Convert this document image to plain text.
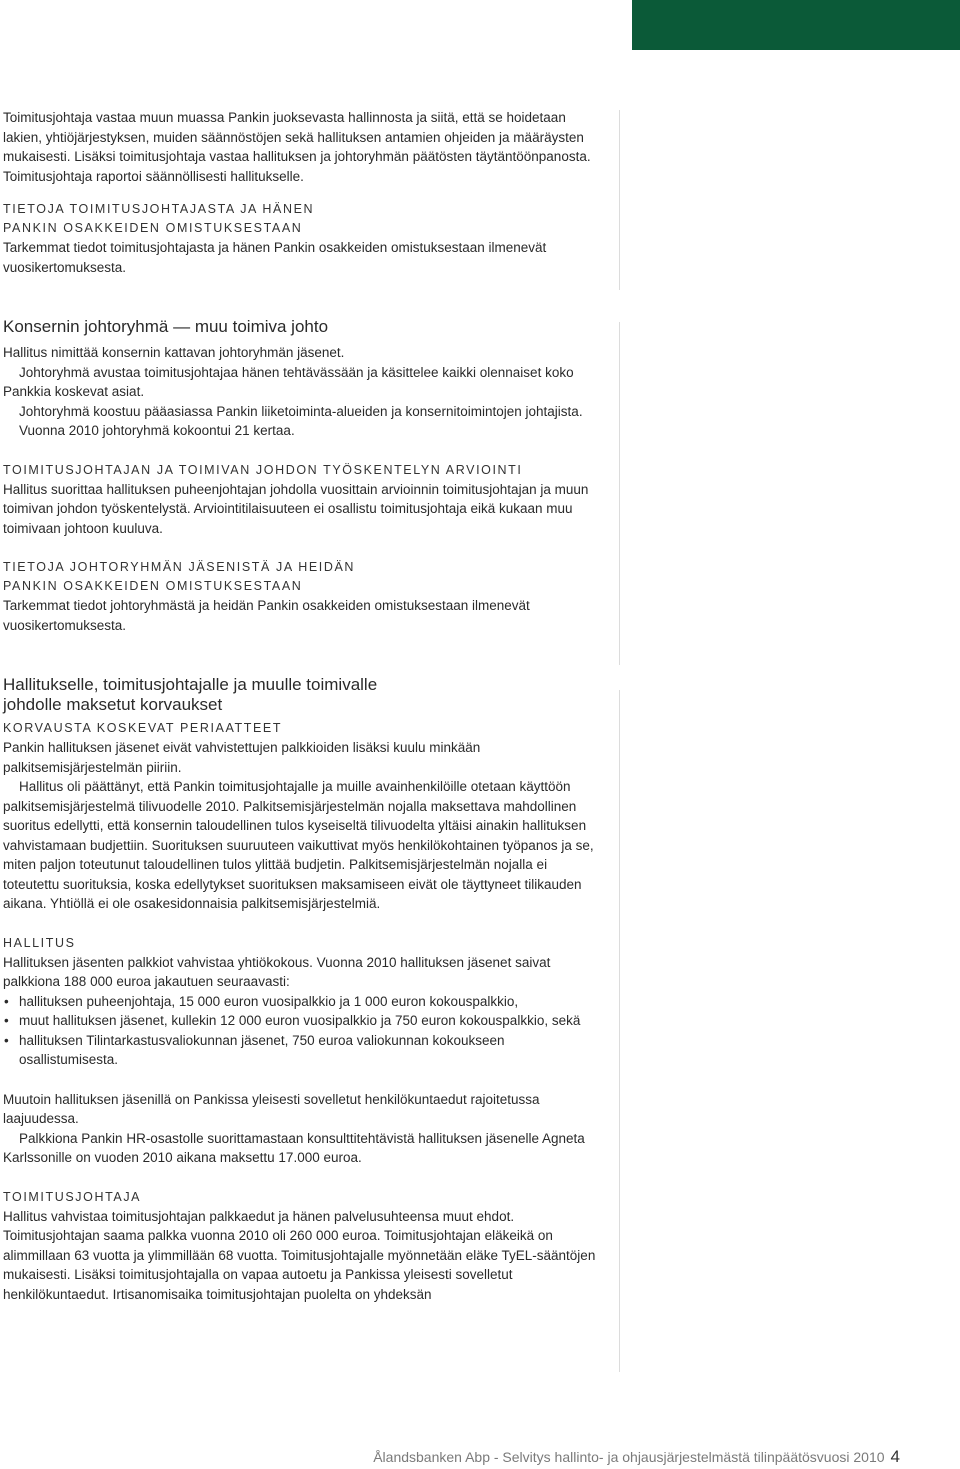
Toimitusjohtaja vastaa muun muassa Pankin juoksevasta hallinnosta ja siitä, että se hoidetaan lakien, yhtiöjärjestyksen, muiden säännöstöjen sekä hallituksen antamien ohjeiden ja määräysten mukaisesti. Lisäksi toimitusjohtaja vastaa hallituksen ja johtoryhmän päätösten täytäntöönpanosta. Toimitusjohtaja raportoi säännöllisesti hallitukselle.

TIETOJA TOIMITUSJOHTAJASTA JA HÄNEN
PANKIN OSAKKEIDEN OMISTUKSESTAAN

Tarkemmat tiedot toimitusjohtajasta ja hänen Pankin osakkeiden omistuksestaan ilmenevät vuosikertomuksesta.

Konsernin johtoryhmä — muu toimiva johto

Hallitus nimittää konsernin kattavan johtoryhmän jäsenet.

Johtoryhmä avustaa toimitusjohtajaa hänen tehtävässään ja käsittelee kaikki olennaiset koko Pankkia koskevat asiat.

Johtoryhmä koostuu pääasiassa Pankin liiketoiminta-alueiden ja konsernitoimintojen johtajista.

Vuonna 2010 johtoryhmä kokoontui 21 kertaa.

TOIMITUSJOHTAJAN JA TOIMIVAN JOHDON TYÖSKENTELYN ARVIOINTI

Hallitus suorittaa hallituksen puheenjohtajan johdolla vuosittain arvioinnin toimitusjohtajan ja muun toimivan johdon työskentelystä. Arviointitilaisuuteen ei osallistu toimitusjohtaja eikä kukaan muu toimivaan johtoon kuuluva.

TIETOJA JOHTORYHMÄN JÄSENISTÄ JA HEIDÄN
PANKIN OSAKKEIDEN OMISTUKSESTAAN

Tarkemmat tiedot johtoryhmästä ja heidän Pankin osakkeiden omistuksestaan ilmenevät vuosikertomuksesta.

Hallitukselle, toimitusjohtajalle ja muulle toimivalle
johdolle maksetut korvaukset
KORVAUSTA KOSKEVAT PERIAATTEET

Pankin hallituksen jäsenet eivät vahvistettujen palkkioiden lisäksi kuulu minkään palkitsemisjärjestelmän piiriin.

Hallitus oli päättänyt, että Pankin toimitusjohtajalle ja muille avainhenkilöille otetaan käyttöön palkitsemisjärjestelmä tilivuodelle 2010. Palkitsemisjärjestelmän nojalla maksettava mahdollinen suoritus edellytti, että konsernin taloudellinen tulos kyseiseltä tilivuodelta yltäisi ainakin hallituksen vahvistamaan budjettiin. Suorituksen suuruuteen vaikuttivat myös henkilökohtainen työpanos ja se, miten paljon toteutunut taloudellinen tulos ylittää budjetin. Palkitsemisjärjestelmän nojalla ei toteutettu suorituksia, koska edellytykset suorituksen maksamiseen eivät ole täyttyneet tilikauden aikana. Yhtiöllä ei ole osakesidonnaisia palkitsemisjärjestelmiä.

HALLITUS

Hallituksen jäsenten palkkiot vahvistaa yhtiökokous. Vuonna 2010 hallituksen jäsenet saivat palkkiona 188 000 euroa jakautuen seuraavasti:

• hallituksen puheenjohtaja, 15 000 euron vuosipalkkio ja 1 000 euron kokouspalkkio,
• muut hallituksen jäsenet, kullekin 12 000 euron vuosipalkkio ja 750 euron kokouspalkkio, sekä
• hallituksen Tilintarkastusvaliokunnan jäsenet, 750 euroa valiokunnan kokoukseen osallistumisesta.

Muutoin hallituksen jäsenillä on Pankissa yleisesti sovelletut henkilökuntaedut rajoitetussa laajuudessa.

Palkkiona Pankin HR-osastolle suorittamastaan konsulttitehtävistä hallituksen jäsenelle Agneta Karlssonille on vuoden 2010 aikana maksettu 17.000 euroa.

TOIMITUSJOHTAJA

Hallitus vahvistaa toimitusjohtajan palkkaedut ja hänen palvelusuhteensa muut ehdot. Toimitusjohtajan saama palkka vuonna 2010 oli 260 000 euroa. Toimitusjohtajan eläkeikä on alimmillaan 63 vuotta ja ylimmillään 68 vuotta. Toimitusjohtajalle myönnetään eläke TyEL-sääntöjen mukaisesti. Lisäksi toimitusjohtajalla on vapaa autoetu ja Pankissa yleisesti sovelletut henkilökuntaedut. Irtisanomisaika toimitusjohtajan puolelta on yhdeksän

Ålandsbanken Abp - Selvitys hallinto- ja ohjausjärjestelmästä tilinpäätösvuosi 2010 4
